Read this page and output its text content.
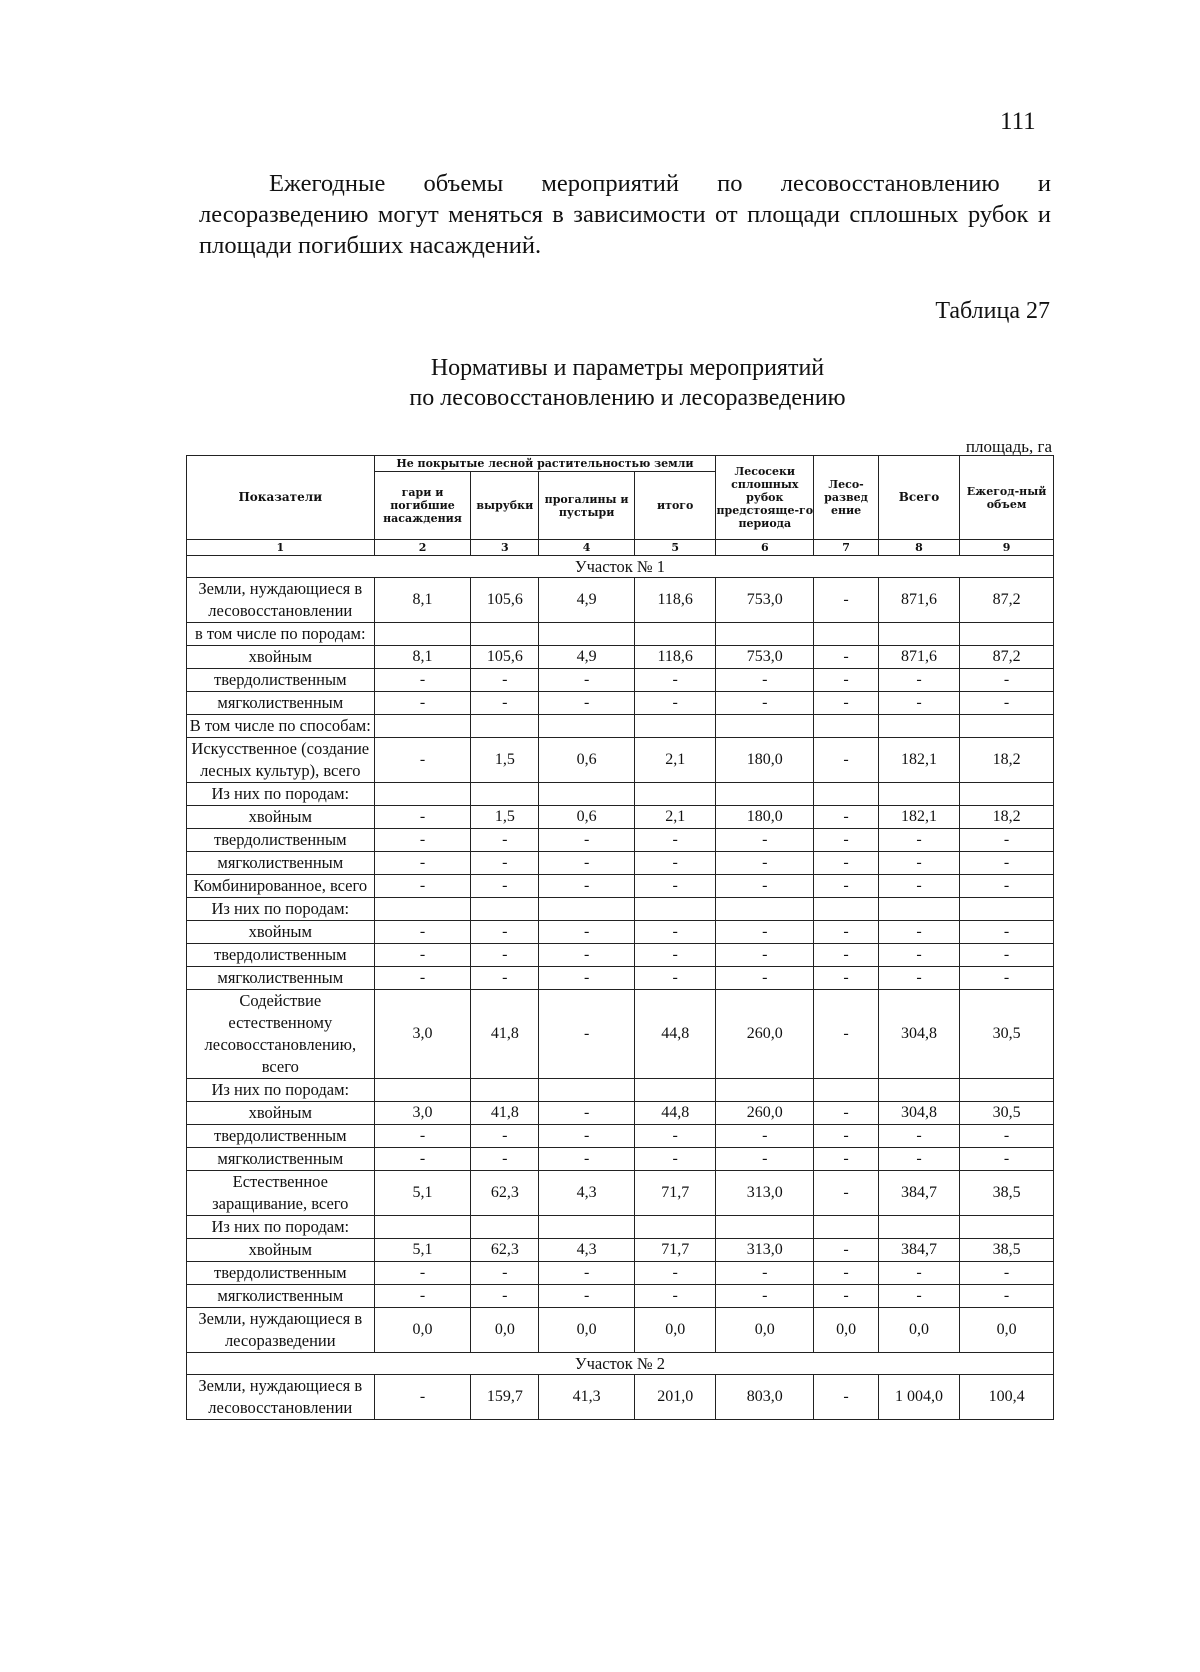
111

Ежегодные объемы мероприятий по лесовосстановлению и лесоразведению могут меняться в зависимости от площади сплошных рубок и площади погибших насаждений.

Таблица 27
Нормативы и параметры мероприятий
по лесовосстановлению и лесоразведению
площадь, га
Показатели	Не покрытые лесной растительностью земли				Лесосеки сплошных рубок предстояще-го периода	Лесо-развед ение	Всего	Ежегод-ный объем
	гари и погибшие насаждения	вырубки	прогалины и пустыри	итого				
1	2	3	4	5	6	7	8	9
Участок № 1								
Земли, нуждающиеся в лесовосстановлении	8,1	105,6	4,9	118,6	753,0	-	871,6	87,2
в том числе по породам:								
хвойным	8,1	105,6	4,9	118,6	753,0	-	871,6	87,2
твердолиственным	-	-	-	-	-	-	-	-
мягколиственным	-	-	-	-	-	-	-	-
В том числе по способам:								
Искусственное (создание лесных культур), всего	-	1,5	0,6	2,1	180,0	-	182,1	18,2
Из них по породам:								
хвойным	-	1,5	0,6	2,1	180,0	-	182,1	18,2
твердолиственным	-	-	-	-	-	-	-	-
мягколиственным	-	-	-	-	-	-	-	-
Комбинированное, всего	-	-	-	-	-	-	-	-
Из них по породам:								
хвойным	-	-	-	-	-	-	-	-
твердолиственным	-	-	-	-	-	-	-	-
мягколиственным	-	-	-	-	-	-	-	-
Содействие естественному лесовосстановлению, всего	3,0	41,8	-	44,8	260,0	-	304,8	30,5
Из них по породам:								
хвойным	3,0	41,8	-	44,8	260,0	-	304,8	30,5
твердолиственным	-	-	-	-	-	-	-	-
мягколиственным	-	-	-	-	-	-	-	-
Естественное заращивание, всего	5,1	62,3	4,3	71,7	313,0	-	384,7	38,5
Из них по породам:								
хвойным	5,1	62,3	4,3	71,7	313,0	-	384,7	38,5
твердолиственным	-	-	-	-	-	-	-	-
мягколиственным	-	-	-	-	-	-	-	-
Земли, нуждающиеся в лесоразведении	0,0	0,0	0,0	0,0	0,0	0,0	0,0	0,0
Участок № 2								
Земли, нуждающиеся в лесовосстановлении	-	159,7	41,3	201,0	803,0	-	1 004,0	100,4
